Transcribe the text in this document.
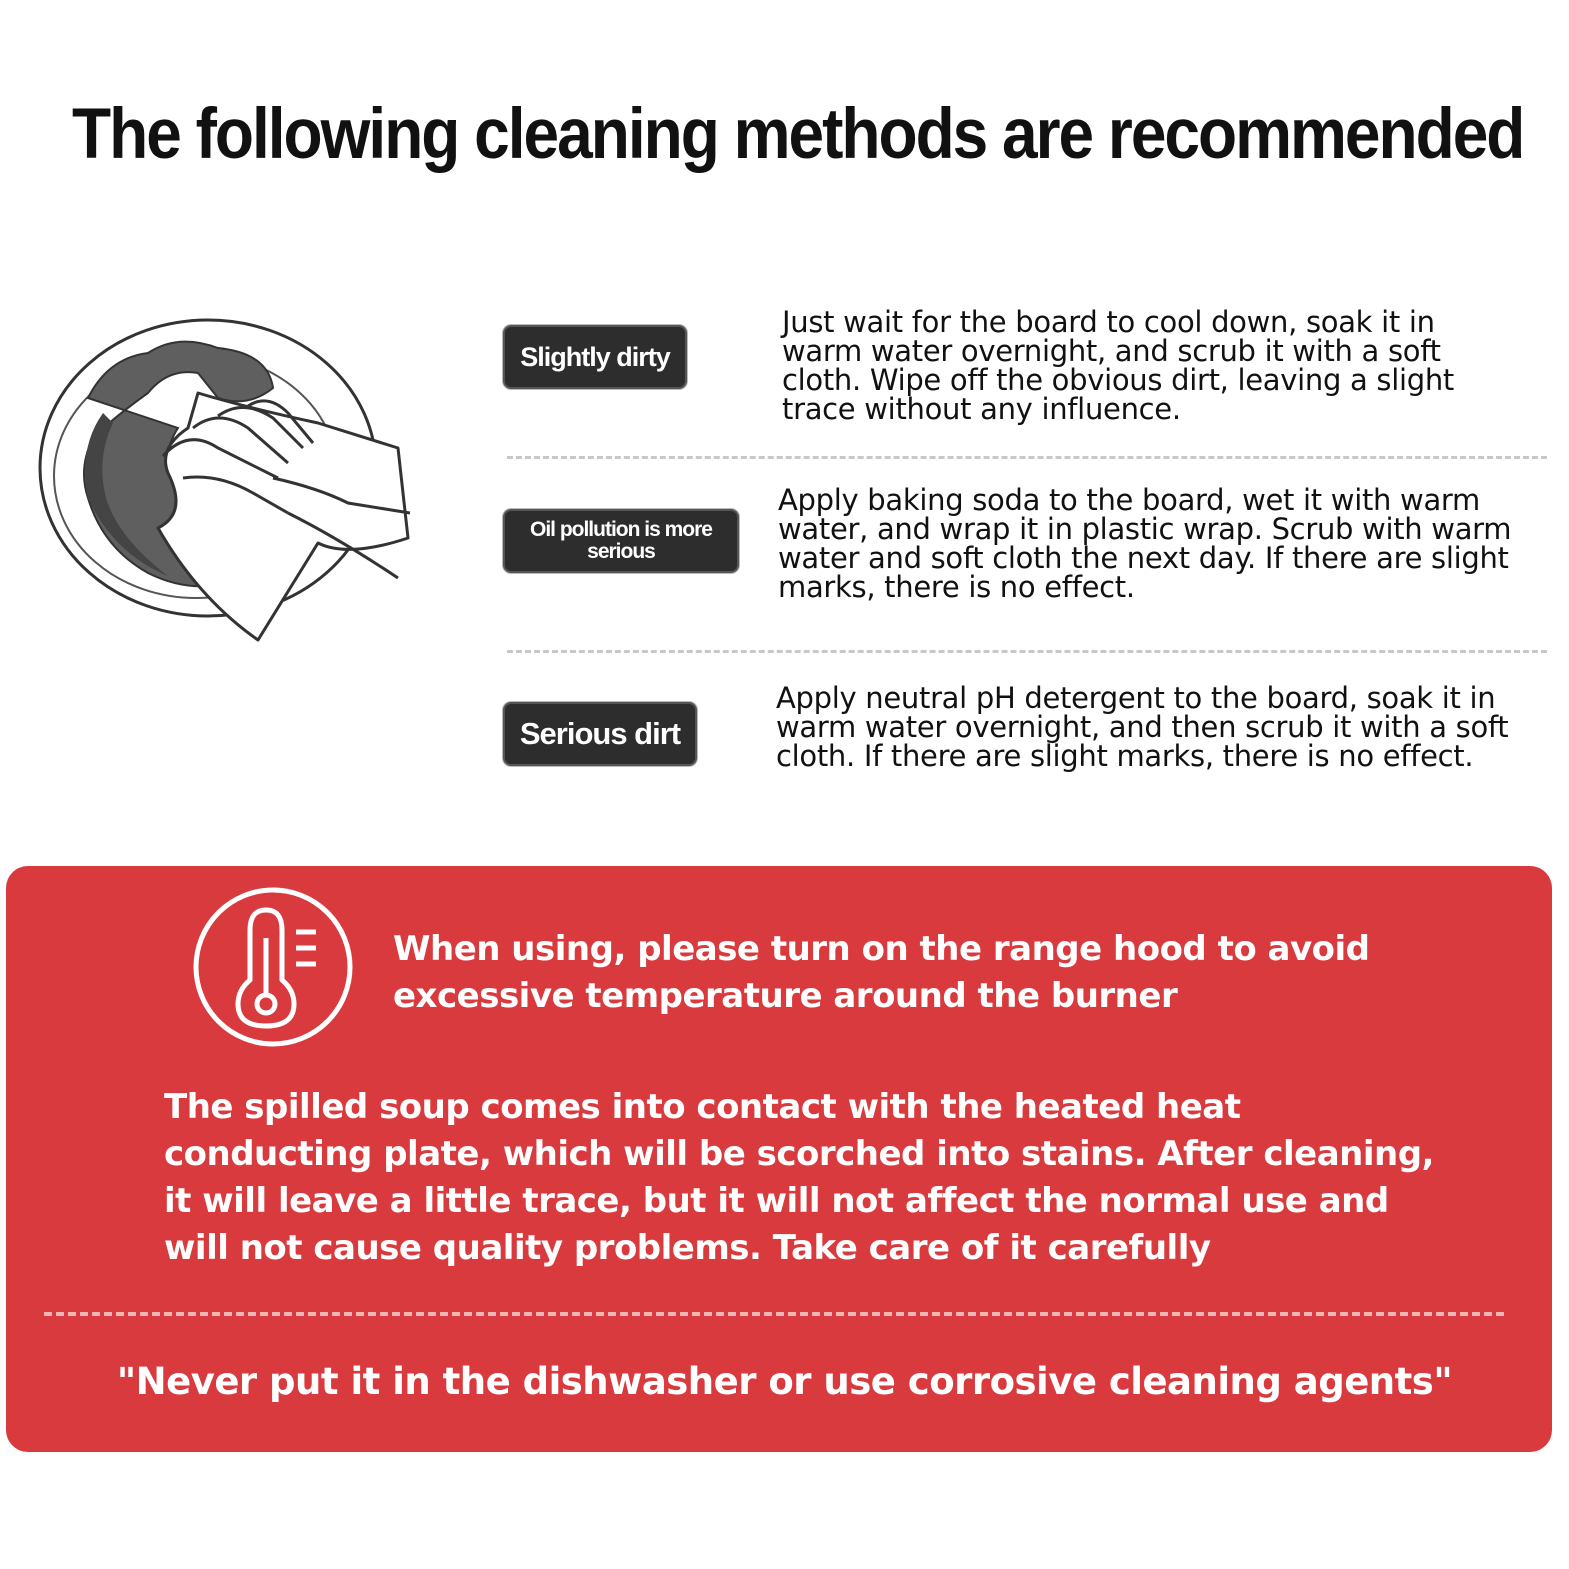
The following cleaning methods are recommended
Slightly dirty
Just wait for the board to cool down, soak it in warm water overnight, and scrub it with a soft cloth. Wipe off the obvious dirt, leaving a slight trace without any influence.
Oil pollution is more serious
Apply baking soda to the board, wet it with warm water, and wrap it in plastic wrap. Scrub with warm water and soft cloth the next day. If there are slight marks, there is no effect.
Serious dirt
Apply neutral pH detergent to the board, soak it in warm water overnight, and then scrub it with a soft cloth. If there are slight marks, there is no effect.
When using, please turn on the range hood to avoid excessive temperature around the burner
The spilled soup comes into contact with the heated heat conducting plate, which will be scorched into stains. After cleaning, it will leave a little trace, but it will not affect the normal use and will not cause quality problems. Take care of it carefully
"Never put it in the dishwasher or use corrosive cleaning agents"
